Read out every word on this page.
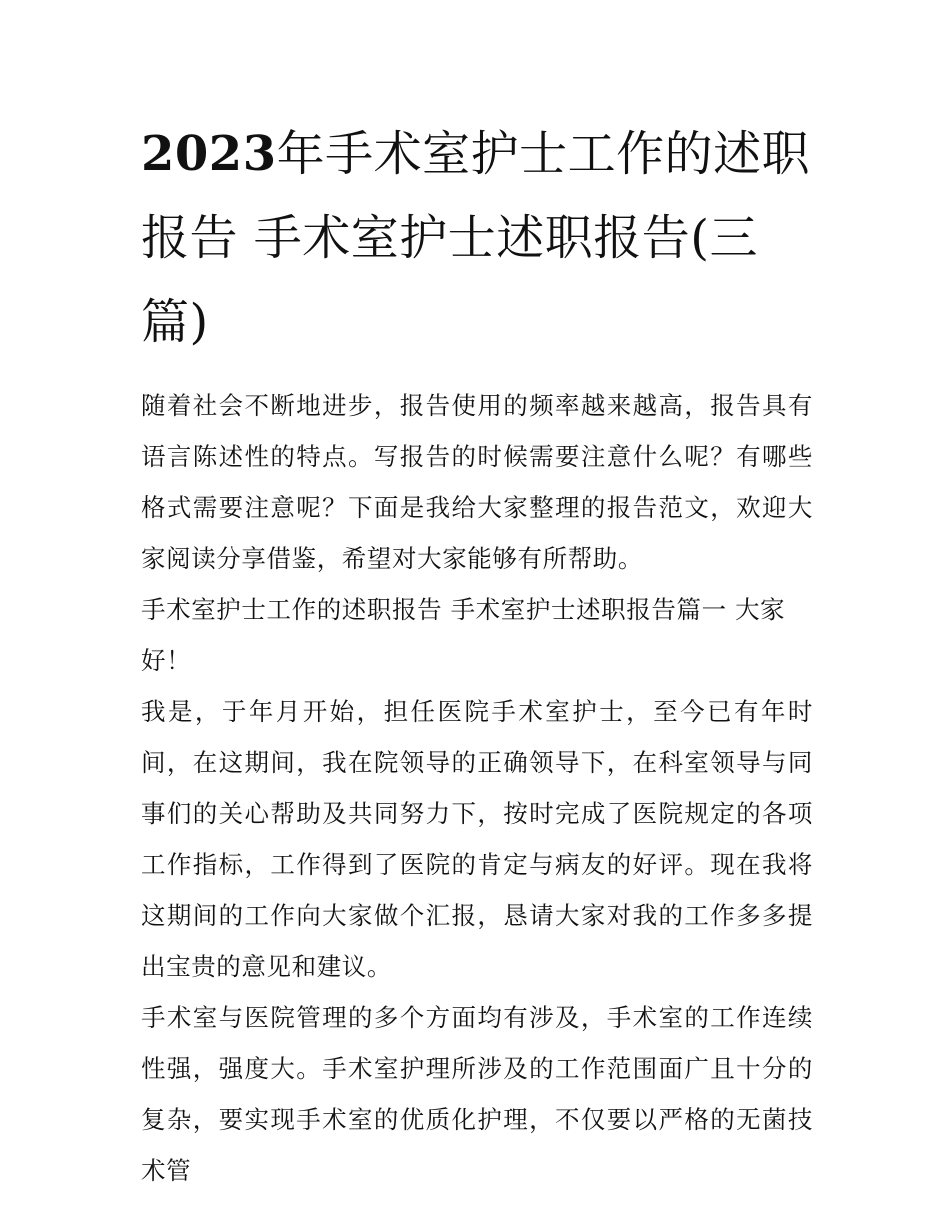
2023年手术室护士工作的述职报告 手术室护士述职报告(三篇)

随着社会不断地进步，报告使用的频率越来越高，报告具有语言陈述性的特点。写报告的时候需要注意什么呢？有哪些格式需要注意呢？下面是我给大家整理的报告范文，欢迎大家阅读分享借鉴，希望对大家能够有所帮助。

手术室护士工作的述职报告 手术室护士述职报告篇一 大家

好！

我是，于年月开始，担任医院手术室护士，至今已有年时间，在这期间，我在院领导的正确领导下，在科室领导与同事们的关心帮助及共同努力下，按时完成了医院规定的各项工作指标，工作得到了医院的肯定与病友的好评。现在我将这期间的工作向大家做个汇报，恳请大家对我的工作多多提出宝贵的意见和建议。

手术室与医院管理的多个方面均有涉及，手术室的工作连续性强，强度大。手术室护理所涉及的工作范围面广且十分的复杂，要实现手术室的优质化护理，不仅要以严格的无菌技术管
